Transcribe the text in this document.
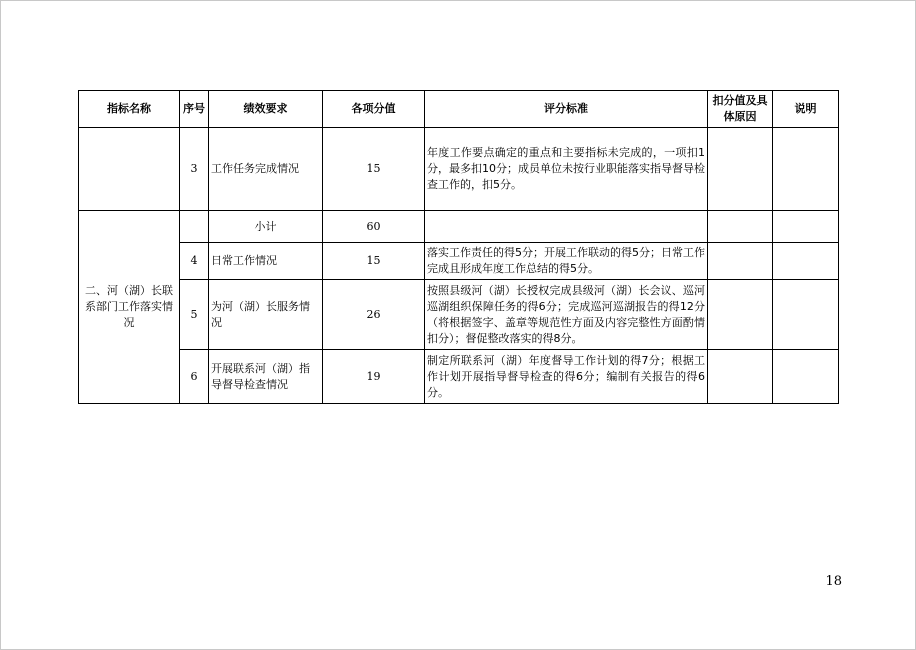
指标名称	序号	绩效要求	各项分值	评分标准	扣分值及具体原因	说明
	3	工作任务完成情况	15	年度工作要点确定的重点和主要指标未完成的，一项扣1分，最多扣10分；成员单位未按行业职能落实指导督导检查工作的，扣5分。		
二、河（湖）长联系部门工作落实情况		小计	60			
	4	日常工作情况	15	落实工作责任的得5分；开展工作联动的得5分；日常工作完成且形成年度工作总结的得5分。		
	5	为河（湖）长服务情况	26	按照县级河（湖）长授权完成县级河（湖）长会议、巡河巡湖组织保障任务的得6分；完成巡河巡湖报告的得12分（将根据签字、盖章等规范性方面及内容完整性方面酌情扣分）；督促整改落实的得8分。		
	6	开展联系河（湖）指导督导检查情况	19	制定所联系河（湖）年度督导工作计划的得7分；根据工作计划开展指导督导检查的得6分；编制有关报告的得6分。		
18
